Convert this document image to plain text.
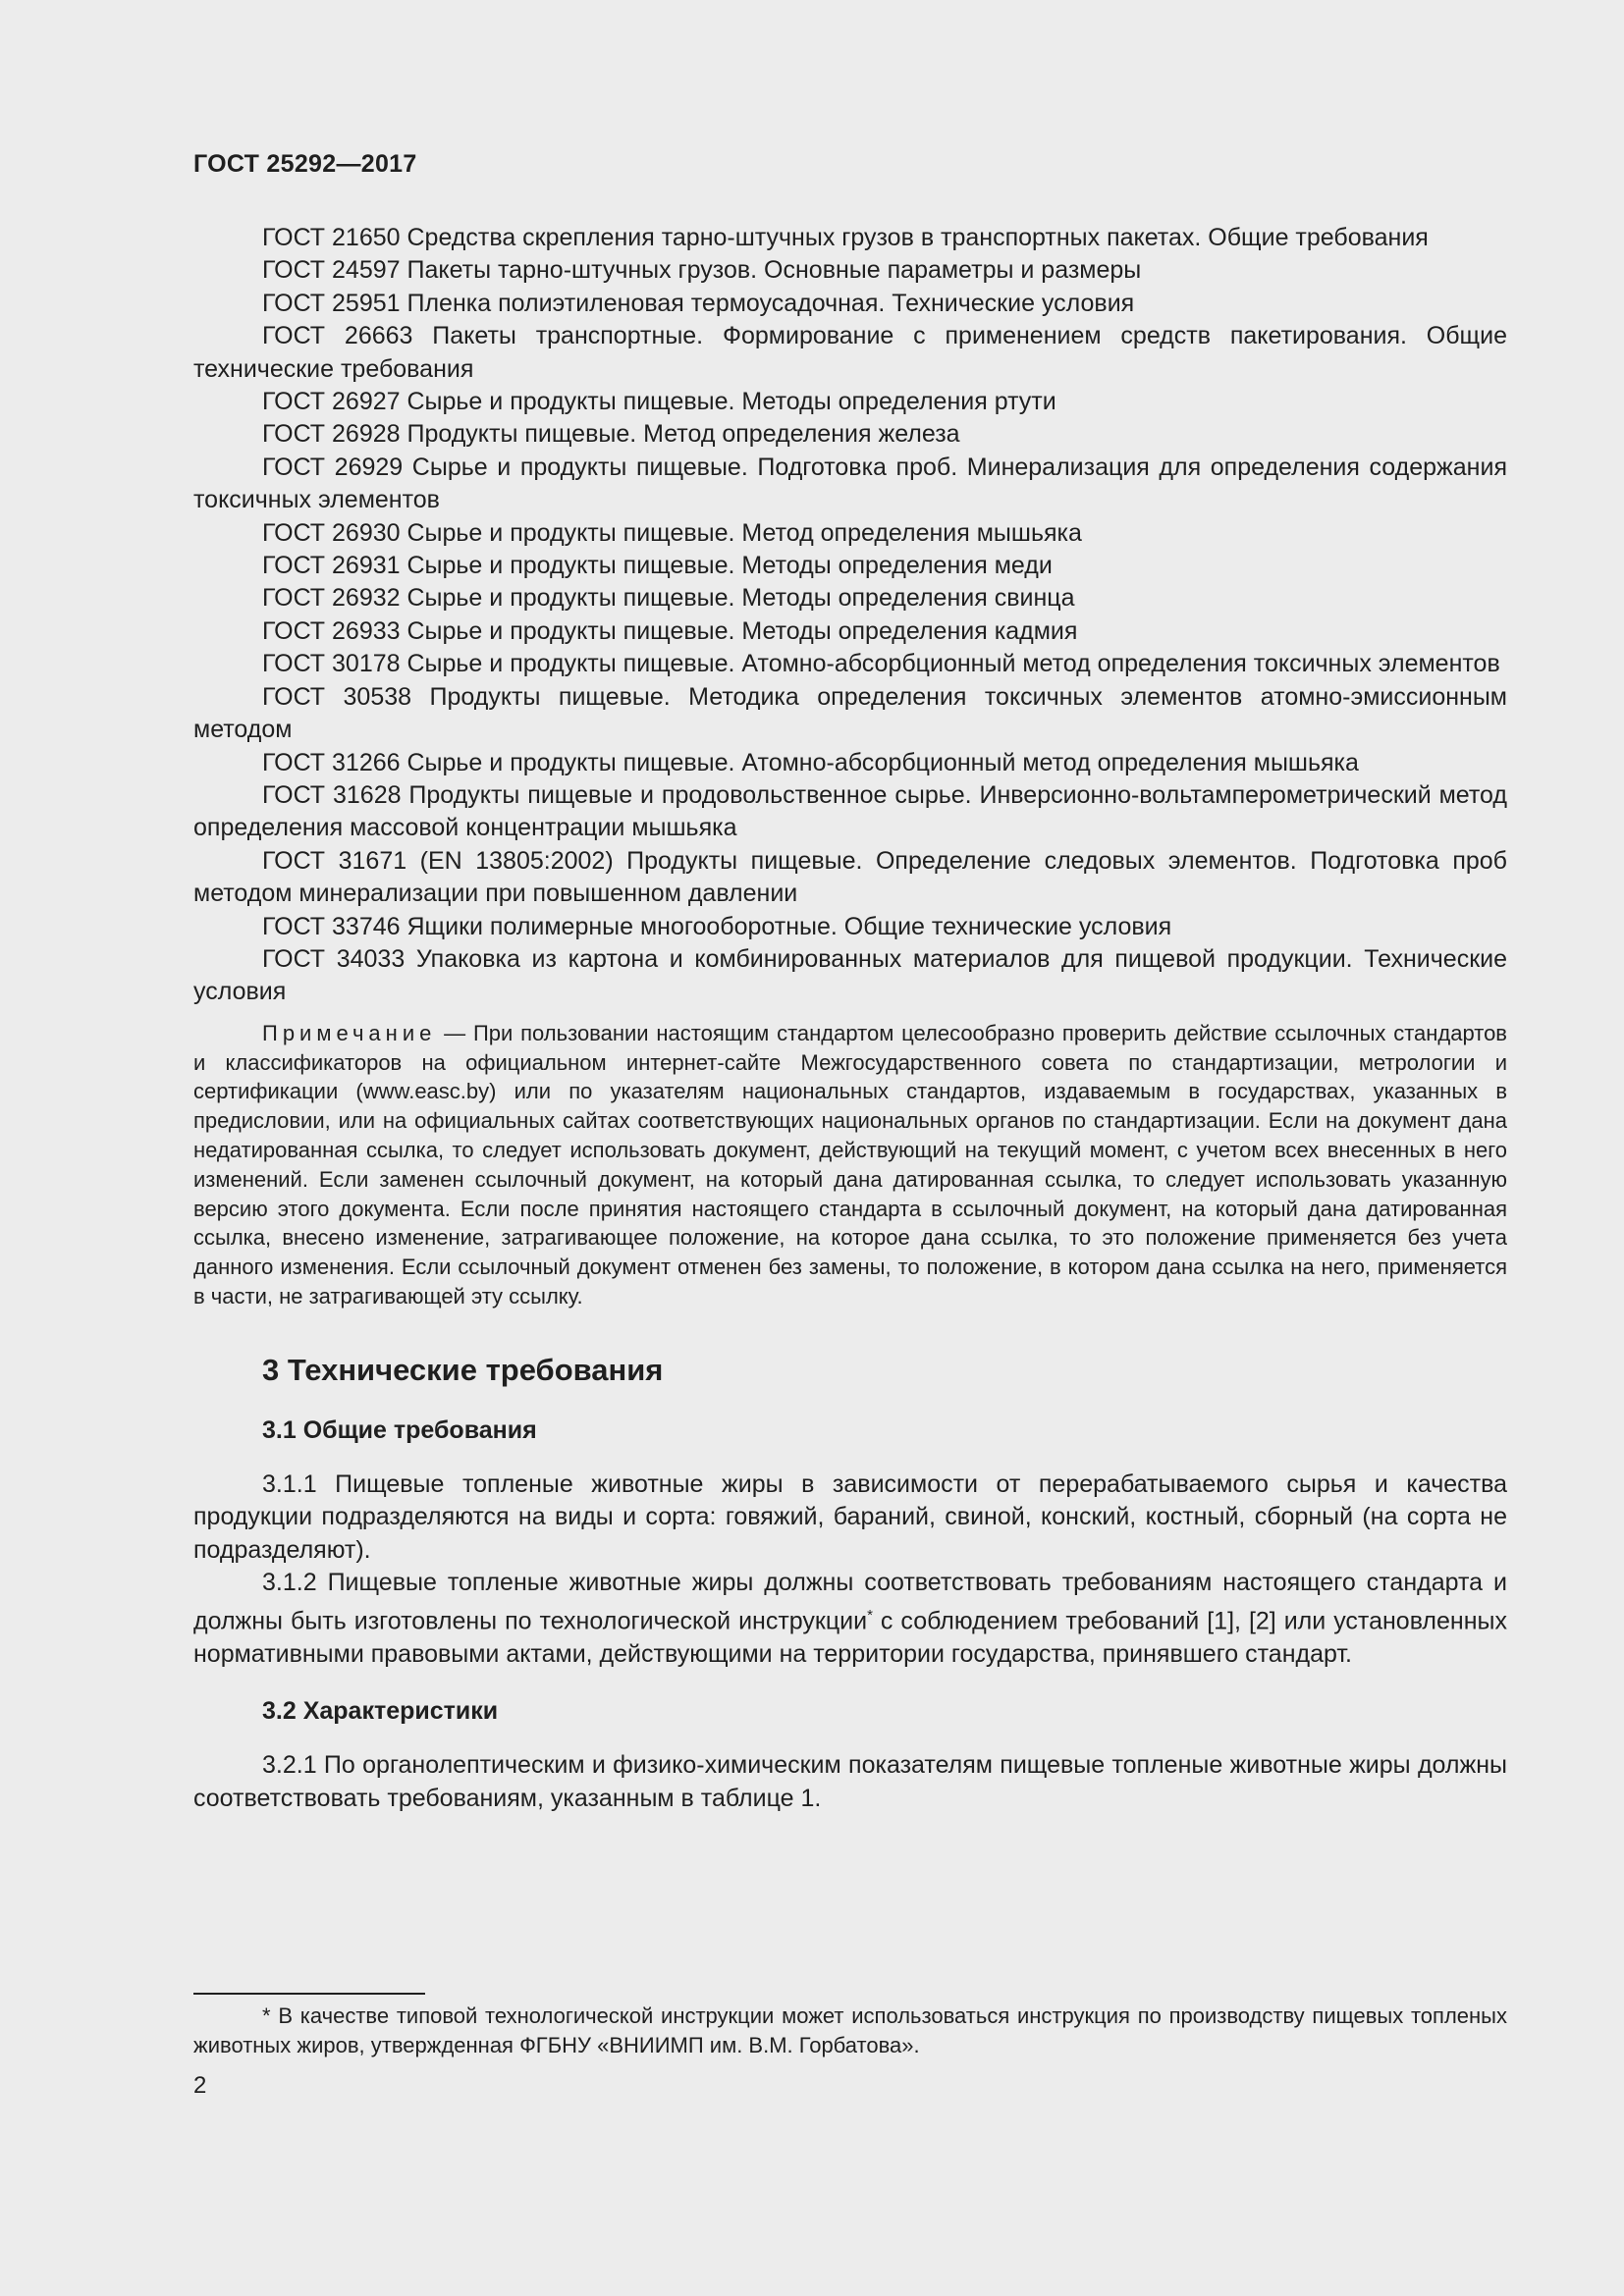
ГОСТ 25292—2017
ГОСТ 21650 Средства скрепления тарно-штучных грузов в транспортных пакетах. Общие требования
ГОСТ 24597 Пакеты тарно-штучных грузов. Основные параметры и размеры
ГОСТ 25951 Пленка полиэтиленовая термоусадочная. Технические условия
ГОСТ 26663 Пакеты транспортные. Формирование с применением средств пакетирования. Общие технические требования
ГОСТ 26927 Сырье и продукты пищевые. Методы определения ртути
ГОСТ 26928 Продукты пищевые. Метод определения железа
ГОСТ 26929 Сырье и продукты пищевые. Подготовка проб. Минерализация для определения содержания токсичных элементов
ГОСТ 26930 Сырье и продукты пищевые. Метод определения мышьяка
ГОСТ 26931 Сырье и продукты пищевые. Методы определения меди
ГОСТ 26932 Сырье и продукты пищевые. Методы определения свинца
ГОСТ 26933 Сырье и продукты пищевые. Методы определения кадмия
ГОСТ 30178 Сырье и продукты пищевые. Атомно-абсорбционный метод определения токсичных элементов
ГОСТ 30538 Продукты пищевые. Методика определения токсичных элементов атомно-эмиссионным методом
ГОСТ 31266 Сырье и продукты пищевые. Атомно-абсорбционный метод определения мышьяка
ГОСТ 31628 Продукты пищевые и продовольственное сырье. Инверсионно-вольтамперометрический метод определения массовой концентрации мышьяка
ГОСТ 31671 (EN 13805:2002) Продукты пищевые. Определение следовых элементов. Подготовка проб методом минерализации при повышенном давлении
ГОСТ 33746 Ящики полимерные многооборотные. Общие технические условия
ГОСТ 34033 Упаковка из картона и комбинированных материалов для пищевой продукции. Технические условия

Примечание — При пользовании настоящим стандартом целесообразно проверить действие ссылочных стандартов и классификаторов на официальном интернет-сайте Межгосударственного совета по стандартизации, метрологии и сертификации (www.easc.by) или по указателям национальных стандартов, издаваемым в государствах, указанных в предисловии, или на официальных сайтах соответствующих национальных органов по стандартизации. Если на документ дана недатированная ссылка, то следует использовать документ, действующий на текущий момент, с учетом всех внесенных в него изменений. Если заменен ссылочный документ, на который дана датированная ссылка, то следует использовать указанную версию этого документа. Если после принятия настоящего стандарта в ссылочный документ, на который дана датированная ссылка, внесено изменение, затрагивающее положение, на которое дана ссылка, то это положение применяется без учета данного изменения. Если ссылочный документ отменен без замены, то положение, в котором дана ссылка на него, применяется в части, не затрагивающей эту ссылку.

3 Технические требования
3.1 Общие требования

3.1.1 Пищевые топленые животные жиры в зависимости от перерабатываемого сырья и качества продукции подразделяются на виды и сорта: говяжий, бараний, свиной, конский, костный, сборный (на сорта не подразделяют).

3.1.2 Пищевые топленые животные жиры должны соответствовать требованиям настоящего стандарта и должны быть изготовлены по технологической инструкции* с соблюдением требований [1], [2] или установленных нормативными правовыми актами, действующими на территории государства, принявшего стандарт.

3.2 Характеристики

3.2.1 По органолептическим и физико-химическим показателям пищевые топленые животные жиры должны соответствовать требованиям, указанным в таблице 1.

* В качестве типовой технологической инструкции может использоваться инструкция по производству пищевых топленых животных жиров, утвержденная ФГБНУ «ВНИИМП им. В.М. Горбатова».

2
